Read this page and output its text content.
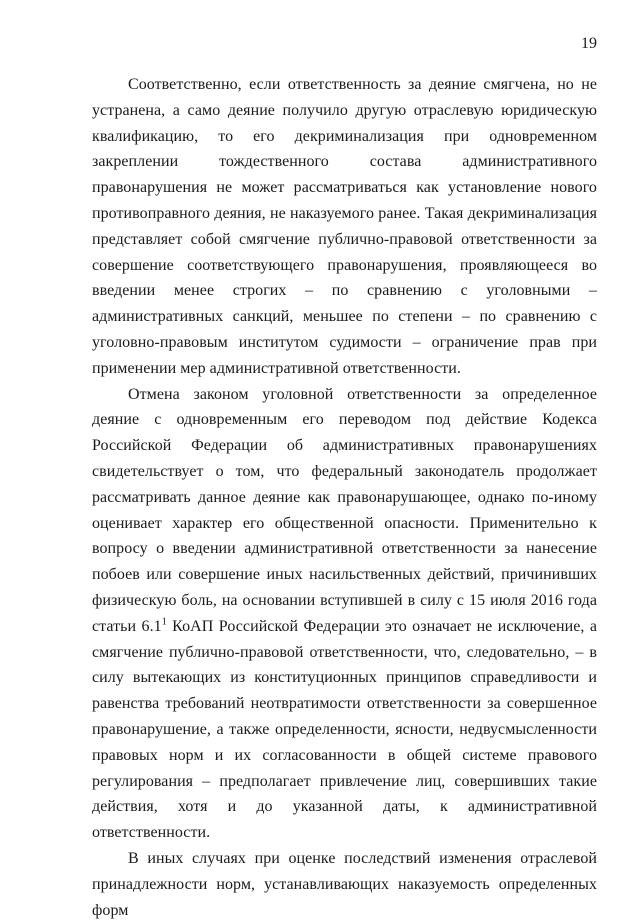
19

Соответственно, если ответственность за деяние смягчена, но не устранена, а само деяние получило другую отраслевую юридическую квалификацию, то его декриминализация при одновременном закреплении тождественного состава административного правонарушения не может рассматриваться как установление нового противоправного деяния, не наказуемого ранее. Такая декриминализация представляет собой смягчение публично-правовой ответственности за совершение соответствующего правонарушения, проявляющееся во введении менее строгих – по сравнению с уголовными – административных санкций, меньшее по степени – по сравнению с уголовно-правовым институтом судимости – ограничение прав при применении мер административной ответственности.

Отмена законом уголовной ответственности за определенное деяние с одновременным его переводом под действие Кодекса Российской Федерации об административных правонарушениях свидетельствует о том, что федеральный законодатель продолжает рассматривать данное деяние как правонарушающее, однако по-иному оценивает характер его общественной опасности. Применительно к вопросу о введении административной ответственности за нанесение побоев или совершение иных насильственных действий, причинивших физическую боль, на основании вступившей в силу с 15 июля 2016 года статьи $6.1^1$ КоАП Российской Федерации это означает не исключение, а смягчение публично-правовой ответственности, что, следовательно, – в силу вытекающих из конституционных принципов справедливости и равенства требований неотвратимости ответственности за совершенное правонарушение, а также определенности, ясности, недвусмысленности правовых норм и их согласованности в общей системе правового регулирования – предполагает привлечение лиц, совершивших такие действия, хотя и до указанной даты, к административной ответственности.

В иных случаях при оценке последствий изменения отраслевой принадлежности норм, устанавливающих наказуемость определенных форм
